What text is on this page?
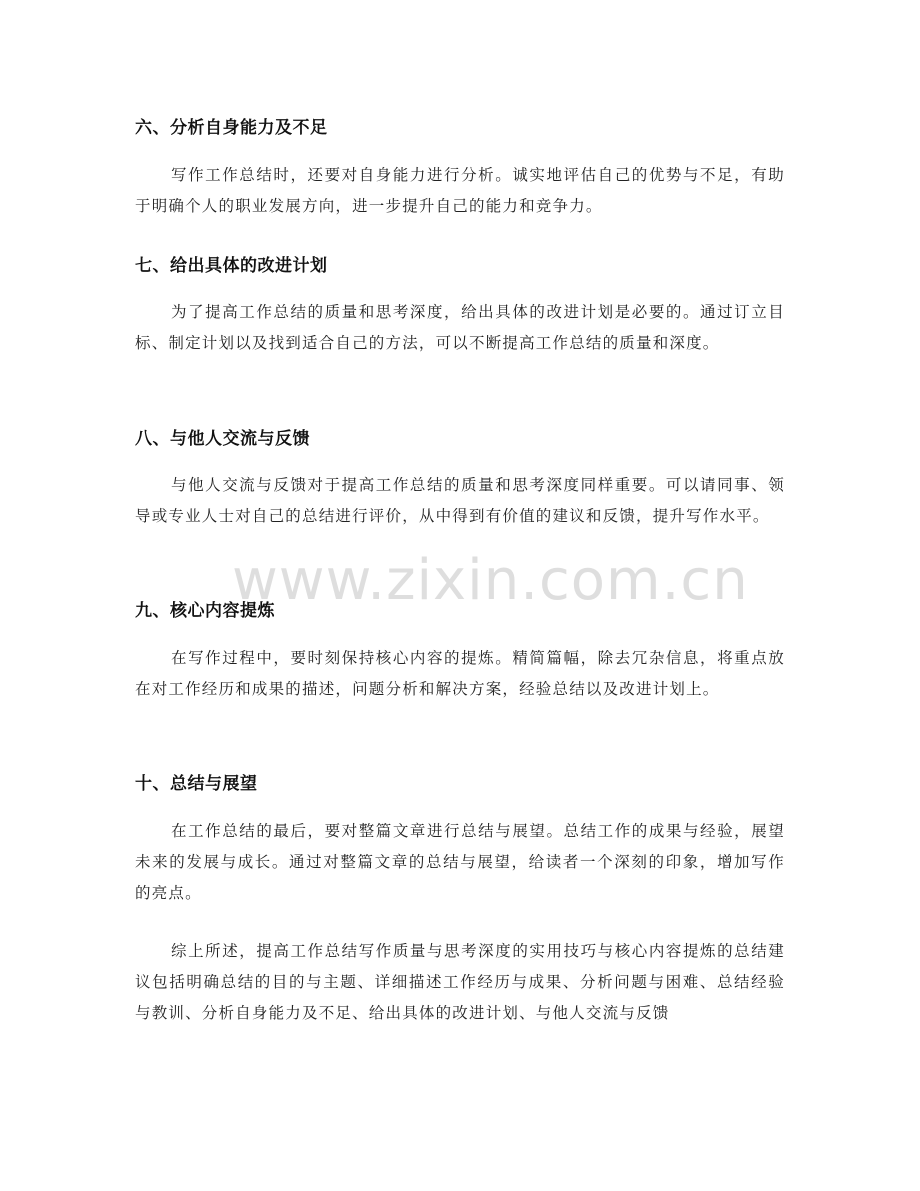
六、分析自身能力及不足
写作工作总结时，还要对自身能力进行分析。诚实地评估自己的优势与不足，有助于明确个人的职业发展方向，进一步提升自己的能力和竞争力。
七、给出具体的改进计划
为了提高工作总结的质量和思考深度，给出具体的改进计划是必要的。通过订立目标、制定计划以及找到适合自己的方法，可以不断提高工作总结的质量和深度。
八、与他人交流与反馈
与他人交流与反馈对于提高工作总结的质量和思考深度同样重要。可以请同事、领导或专业人士对自己的总结进行评价，从中得到有价值的建议和反馈，提升写作水平。
九、核心内容提炼
在写作过程中，要时刻保持核心内容的提炼。精简篇幅，除去冗杂信息，将重点放在对工作经历和成果的描述，问题分析和解决方案，经验总结以及改进计划上。
十、总结与展望
在工作总结的最后，要对整篇文章进行总结与展望。总结工作的成果与经验，展望未来的发展与成长。通过对整篇文章的总结与展望，给读者一个深刻的印象，增加写作的亮点。
综上所述，提高工作总结写作质量与思考深度的实用技巧与核心内容提炼的总结建议包括明确总结的目的与主题、详细描述工作经历与成果、分析问题与困难、总结经验与教训、分析自身能力及不足、给出具体的改进计划、与他人交流与反馈
www.zixin.com.cn
